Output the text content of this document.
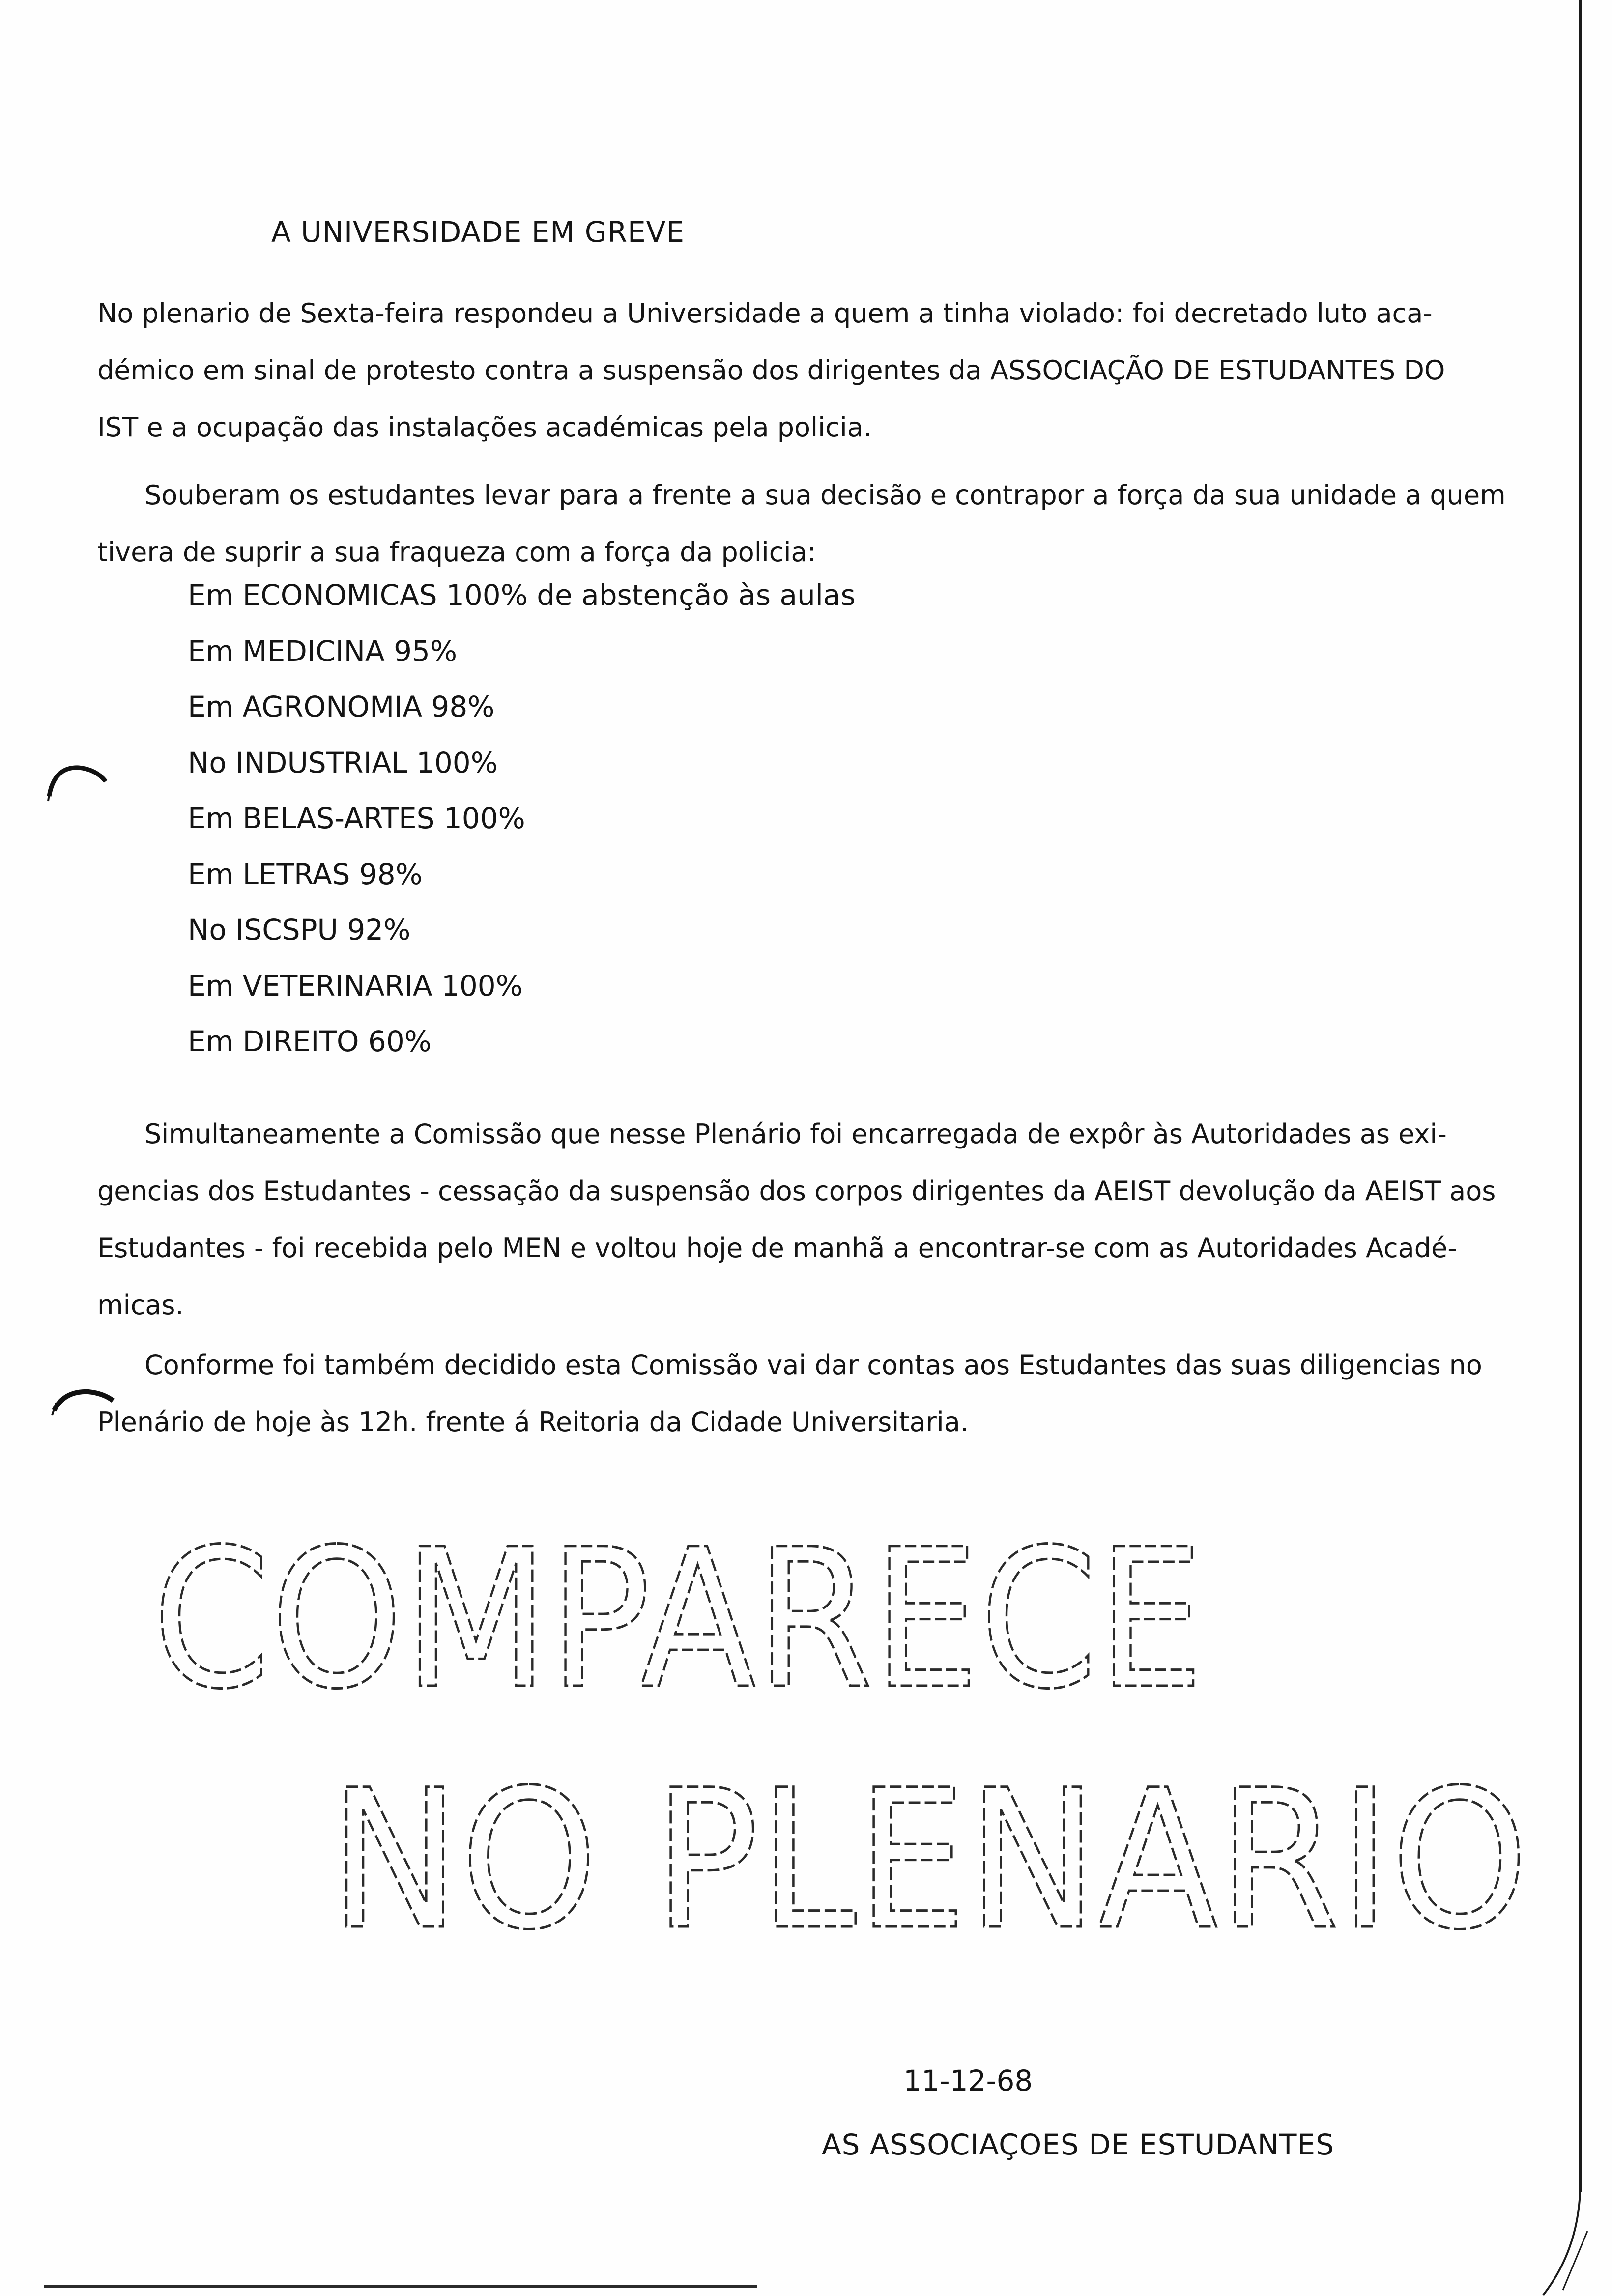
A UNIVERSIDADE EM GREVE
No plenario de Sexta-feira respondeu a Universidade a quem a tinha violado: foi decretado luto aca-
démico em sinal de protesto contra a suspensão dos dirigentes da ASSOCIAÇÃO DE ESTUDANTES DO
IST e a ocupação das instalações académicas pela policia.
Souberam os estudantes levar para a frente a sua decisão e contrapor a força da sua unidade a quem
tivera de suprir a sua fraqueza com a força da policia:
Em ECONOMICAS 100% de abstenção às aulas
Em MEDICINA 95%
Em AGRONOMIA 98%
No INDUSTRIAL 100%
Em BELAS-ARTES 100%
Em LETRAS 98%
No ISCSPU 92%
Em VETERINARIA 100%
Em DIREITO 60%
Simultaneamente a Comissão que nesse Plenário foi encarregada de expôr às Autoridades as exi-
gencias dos Estudantes - cessação da suspensão dos corpos dirigentes da AEIST devolução da AEIST aos
Estudantes - foi recebida pelo MEN e voltou hoje de manhã a encontrar-se com as Autoridades Acadé-
micas.
Conforme foi também decidido esta Comissão vai dar contas aos Estudantes das suas diligencias no
Plenário de hoje às 12h. frente á Reitoria da Cidade Universitaria.
COMPARECE
NO PLENARIO
11-12-68
AS ASSOCIAÇOES DE ESTUDANTES
